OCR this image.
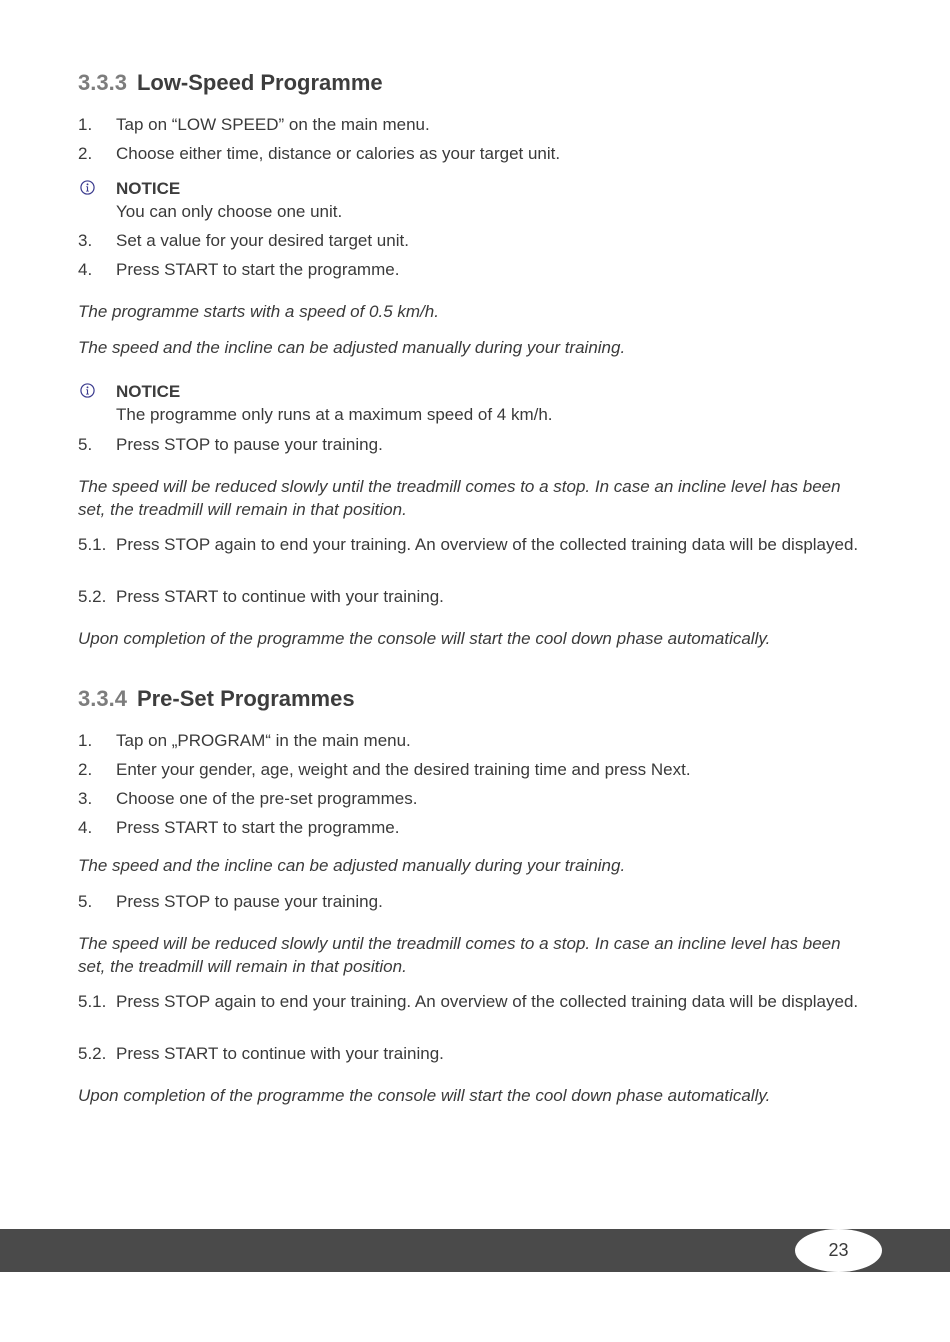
3.3.3 Low-Speed Programme
1. Tap on “LOW SPEED” on the main menu.
2. Choose either time, distance or calories as your target unit.
NOTICE
You can only choose one unit.
3. Set a value for your desired target unit.
4. Press START to start the programme.
The programme starts with a speed of 0.5 km/h.
The speed and the incline can be adjusted manually during your training.
NOTICE
The programme only runs at a maximum speed of 4 km/h.
5. Press STOP to pause your training.
The speed will be reduced slowly until the treadmill comes to a stop. In case an incline level has been set, the treadmill will remain in that position.
5.1. Press STOP again to end your training. An overview of the collected training data will be displayed.
5.2. Press START to continue with your training.
Upon completion of the programme the console will start the cool down phase automatically.
3.3.4 Pre-Set Programmes
1. Tap on „PROGRAM“ in the main menu.
2. Enter your gender, age, weight and the desired training time and press Next.
3. Choose one of the pre-set programmes.
4. Press START to start the programme.
The speed and the incline can be adjusted manually during your training.
5. Press STOP to pause your training.
The speed will be reduced slowly until the treadmill comes to a stop. In case an incline level has been set, the treadmill will remain in that position.
5.1. Press STOP again to end your training. An overview of the collected training data will be displayed.
5.2. Press START to continue with your training.
Upon completion of the programme the console will start the cool down phase automatically.
23
